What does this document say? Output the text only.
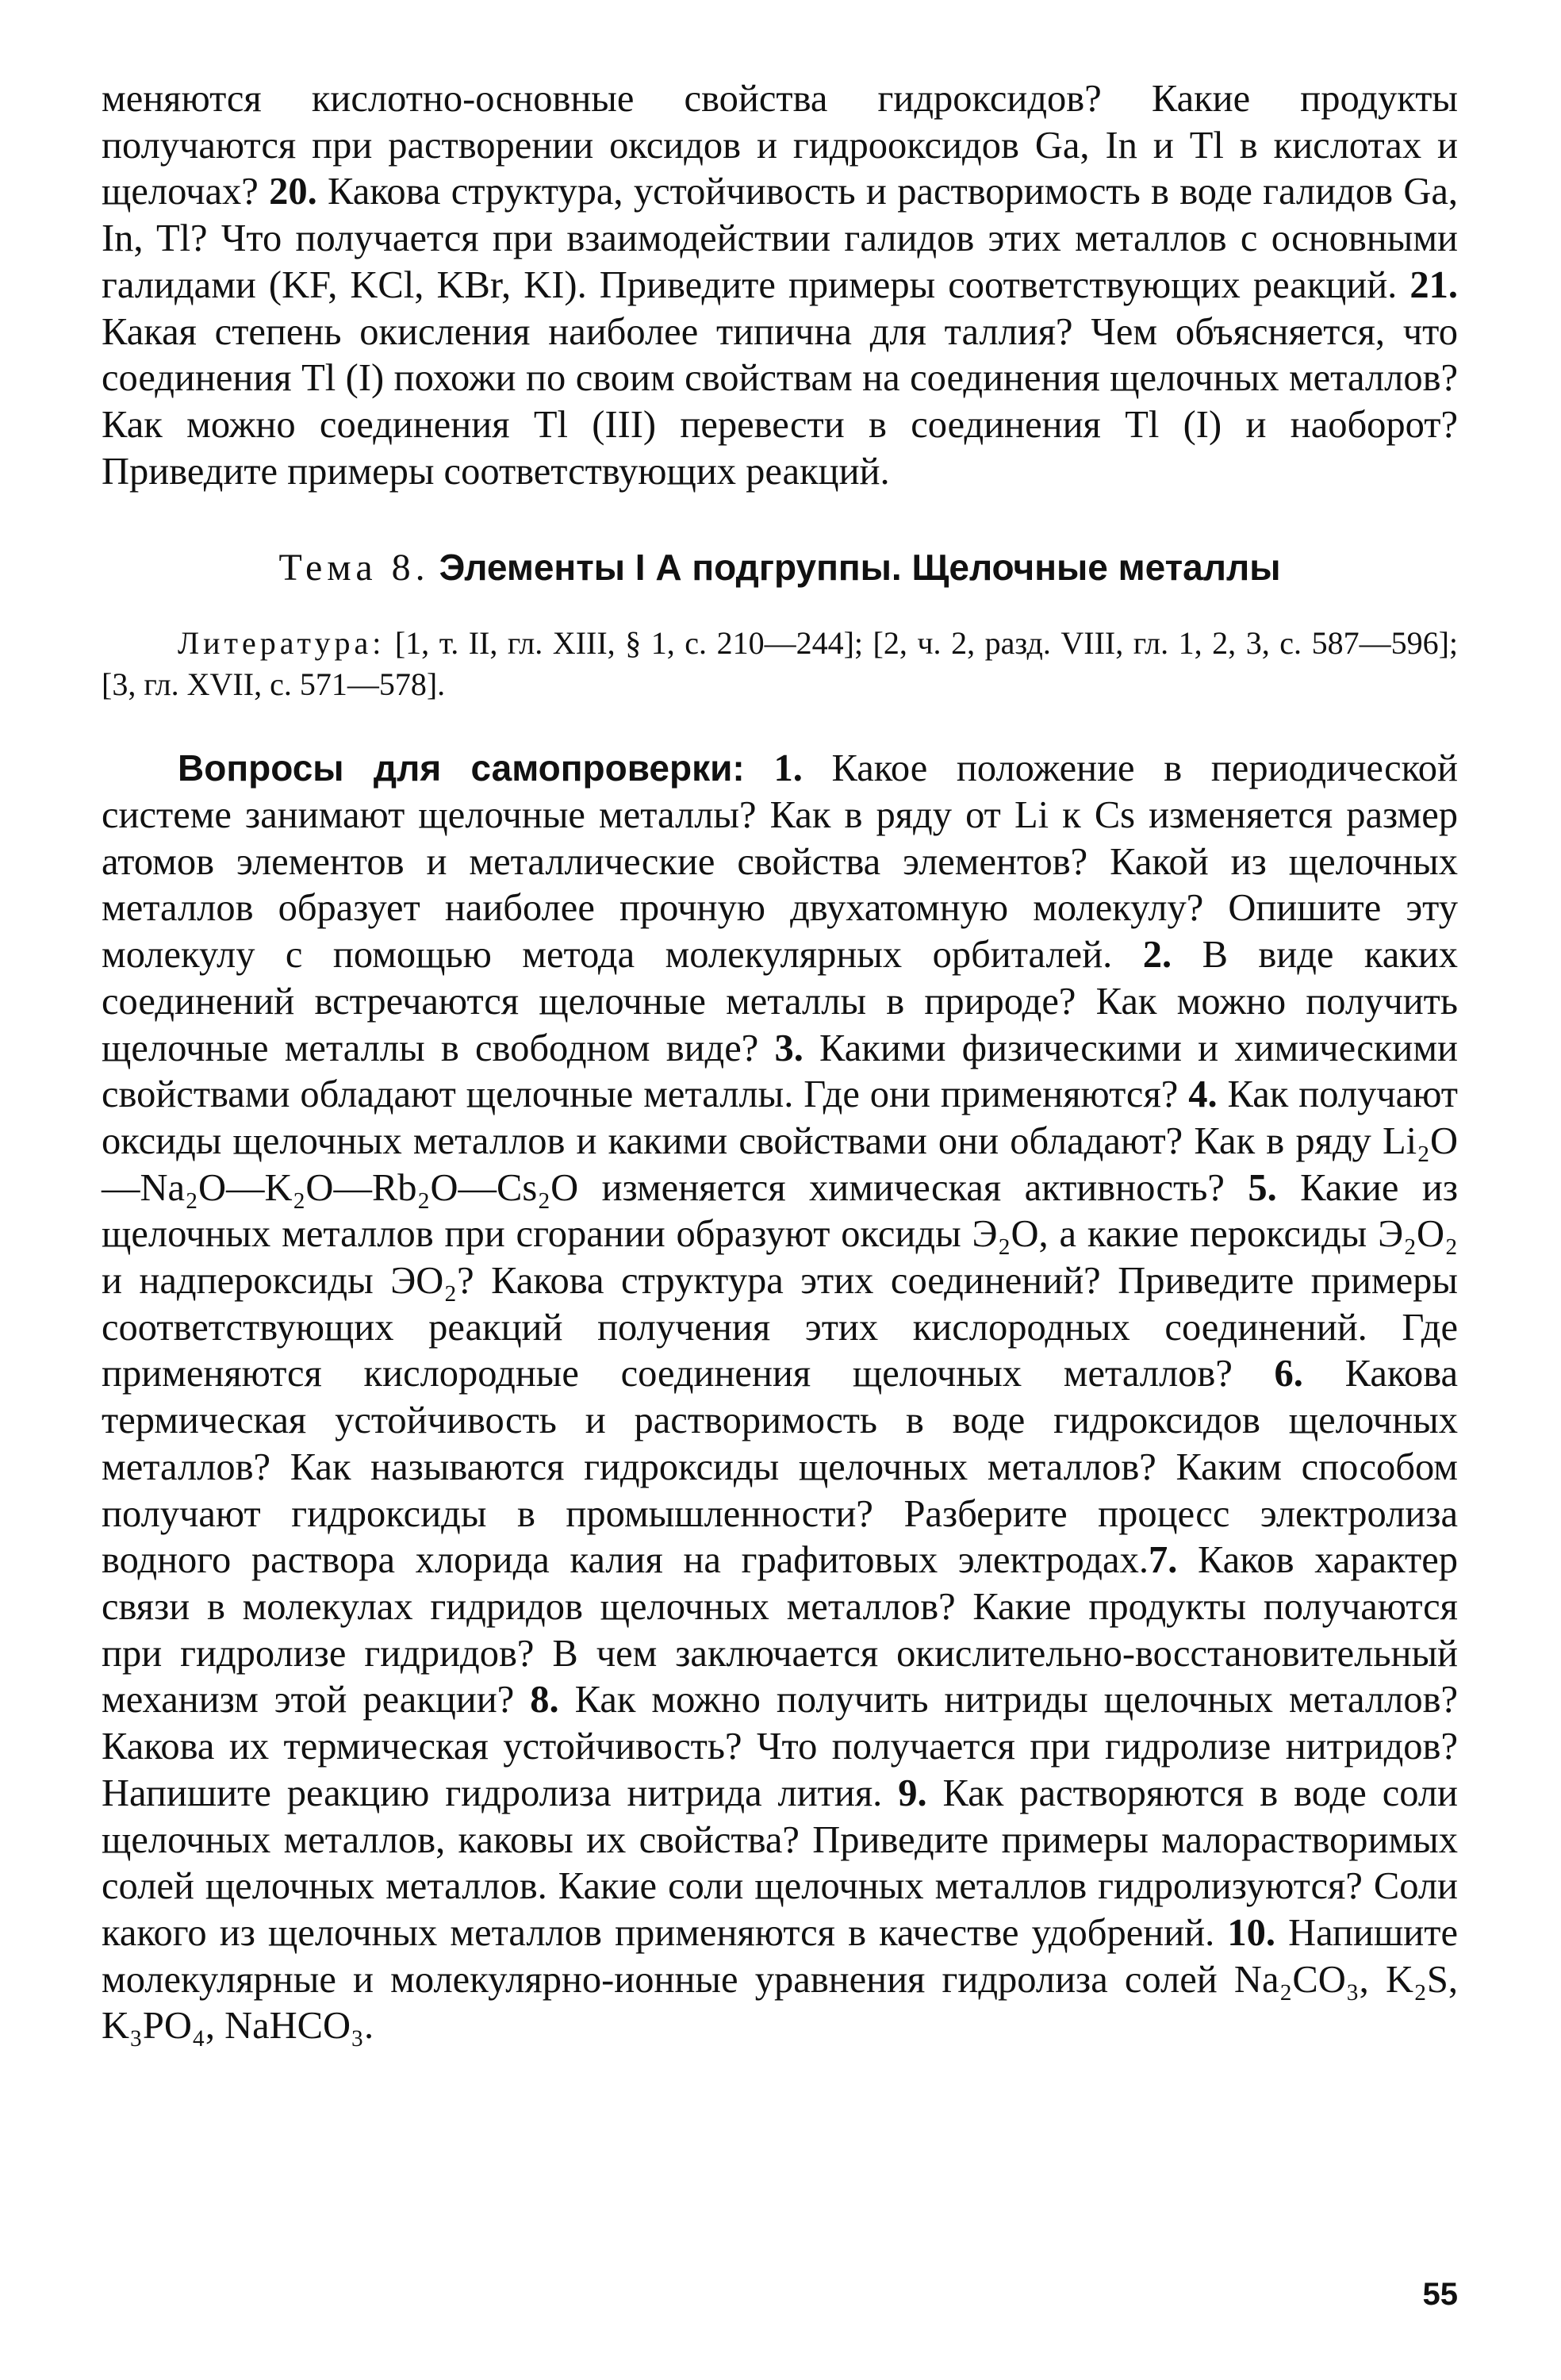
меняются кислотно-основные свойства гидроксидов? Какие продукты получаются при растворении оксидов и гидрооксидов Ga, In и Tl в кислотах и щелочах? 20. Какова структура, устойчивость и растворимость в воде галидов Ga, In, Tl? Что получается при взаимодействии галидов этих металлов с основными галидами (KF, KCl, KBr, KI). Приведите примеры соответствующих реакций. 21. Какая степень окисления наиболее типична для таллия? Чем объясняется, что соединения Tl (I) похожи по своим свойствам на соединения щелочных металлов? Как можно соединения Tl (III) перевести в соединения Tl (I) и наоборот? Приведите примеры соответствующих реакций.

Тема 8. Элементы I А подгруппы. Щелочные металлы

Литература: [1, т. II, гл. XIII, § 1, с. 210—244]; [2, ч. 2, разд. VIII, гл. 1, 2, 3, с. 587—596]; [3, гл. XVII, с. 571—578].

Вопросы для самопроверки: 1. Какое положение в периодической системе занимают щелочные металлы? Как в ряду от Li к Cs изменяется размер атомов элементов и металлические свойства элементов? Какой из щелочных металлов образует наиболее прочную двухатомную молекулу? Опишите эту молекулу с помощью метода молекулярных орбиталей. 2. В виде каких соединений встречаются щелочные металлы в природе? Как можно получить щелочные металлы в свободном виде? 3. Какими физическими и химическими свойствами обладают щелочные металлы. Где они применяются? 4. Как получают оксиды щелочных металлов и какими свойствами они обладают? Как в ряду Li₂O—Na₂O—K₂O—Rb₂O—Cs₂O изменяется химическая активность? 5. Какие из щелочных металлов при сгорании образуют оксиды Э₂O, а какие пероксиды Э₂O₂ и надпероксиды ЭO₂? Какова структура этих соединений? Приведите примеры соответствующих реакций получения этих кислородных соединений. Где применяются кислородные соединения щелочных металлов? 6. Какова термическая устойчивость и растворимость в воде гидроксидов щелочных металлов? Как называются гидроксиды щелочных металлов? Каким способом получают гидроксиды в промышленности? Разберите процесс электролиза водного раствора хлорида калия на графитовых электродах.7. Каков характер связи в молекулах гидридов щелочных металлов? Какие продукты получаются при гидролизе гидридов? В чем заключается окислительно-восстановительный механизм этой реакции? 8. Как можно получить нитриды щелочных металлов? Какова их термическая устойчивость? Что получается при гидролизе нитридов? Напишите реакцию гидролиза нитрида лития. 9. Как растворяются в воде соли щелочных металлов, каковы их свойства? Приведите примеры малорастворимых солей щелочных металлов. Какие соли щелочных металлов гидролизуются? Соли какого из щелочных металлов применяются в качестве удобрений. 10. Напишите молекулярные и молекулярно-ионные уравнения гидролиза солей Na₂CO₃, K₂S, K₃PO₄, NaHCO₃.

55
